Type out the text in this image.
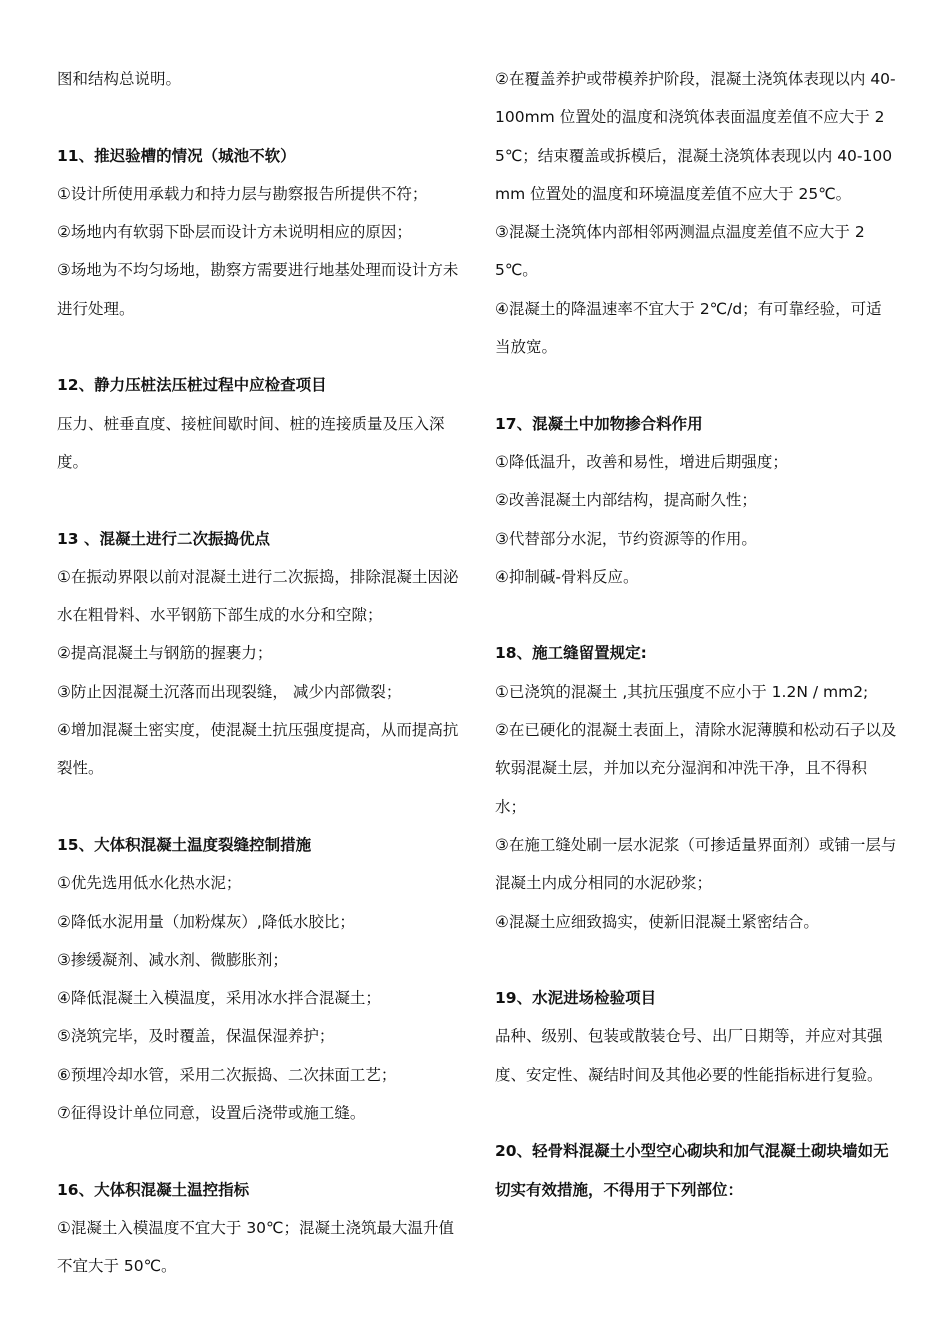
图和结构总说明。

11、推迟验槽的情况（城池不软）

①设计所使用承载力和持力层与勘察报告所提供不符；

②场地内有软弱下卧层而设计方未说明相应的原因；

③场地为不均匀场地，勘察方需要进行地基处理而设计方未进行处理。

12、静力压桩法压桩过程中应检查项目

压力、桩垂直度、接桩间歇时间、桩的连接质量及压入深度。

13 、混凝土进行二次振捣优点

①在振动界限以前对混凝土进行二次振捣，排除混凝土因泌水在粗骨料、水平钢筋下部生成的水分和空隙；

②提高混凝土与钢筋的握裹力；

③防止因混凝土沉落而出现裂缝， 减少内部微裂；

④增加混凝土密实度，使混凝土抗压强度提高，从而提高抗裂性。

15、大体积混凝土温度裂缝控制措施

①优先选用低水化热水泥；

②降低水泥用量（加粉煤灰）,降低水胶比；

③掺缓凝剂、减水剂、微膨胀剂；

④降低混凝土入模温度，采用冰水拌合混凝土；

⑤浇筑完毕，及时覆盖，保温保湿养护；

⑥预埋冷却水管，采用二次振捣、二次抹面工艺；

⑦征得设计单位同意，设置后浇带或施工缝。

16、大体积混凝土温控指标

①混凝土入模温度不宜大于 30℃；混凝土浇筑最大温升值不宜大于 50℃。

②在覆盖养护或带模养护阶段，混凝土浇筑体表现以内 40-100mm 位置处的温度和浇筑体表面温度差值不应大于 25℃；结束覆盖或拆模后，混凝土浇筑体表现以内 40-100mm 位置处的温度和环境温度差值不应大于 25℃。

③混凝土浇筑体内部相邻两测温点温度差值不应大于 25℃。

④混凝土的降温速率不宜大于 2℃/d；有可靠经验，可适当放宽。

17、混凝土中加物掺合料作用

①降低温升，改善和易性，增进后期强度；

②改善混凝土内部结构，提高耐久性；

③代替部分水泥，节约资源等的作用。

④抑制碱-骨料反应。

18、施工缝留置规定:

①已浇筑的混凝土 ,其抗压强度不应小于 1.2N / mm2;

②在已硬化的混凝土表面上，清除水泥薄膜和松动石子以及软弱混凝土层，并加以充分湿润和冲洗干净，且不得积水；

③在施工缝处刷一层水泥浆（可掺适量界面剂）或铺一层与混凝土内成分相同的水泥砂浆；

④混凝土应细致捣实，使新旧混凝土紧密结合。

19、水泥进场检验项目

品种、级别、包装或散装仓号、出厂日期等，并应对其强度、安定性、凝结时间及其他必要的性能指标进行复验。

20、轻骨料混凝土小型空心砌块和加气混凝土砌块墙如无切实有效措施，不得用于下列部位：
